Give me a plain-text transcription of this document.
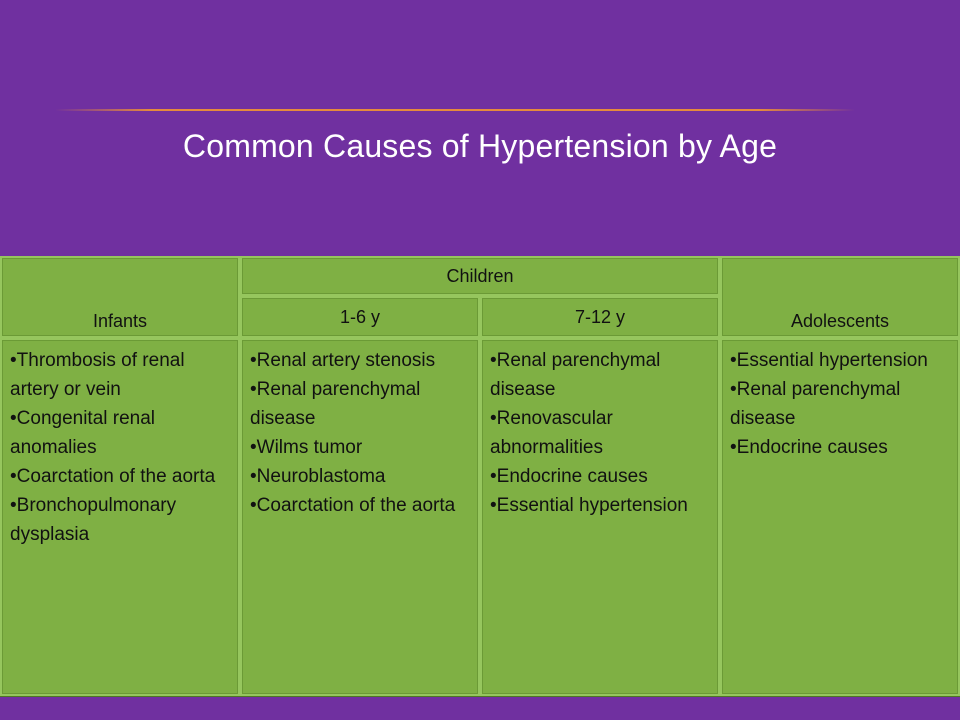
Common Causes of Hypertension by Age
Infants
Children
1-6 y	7-12 y	Adolescents
• Thrombosis of renal artery or vein
• Congenital renal anomalies
• Coarctation of the aorta
• Bronchopulmonary dysplasia
• Renal artery stenosis
• Renal parenchymal disease
• Wilms tumor
• Neuroblastoma
• Coarctation of the aorta
• Renal parenchymal disease
• Renovascular abnormalities
• Endocrine causes
• Essential hypertension
• Essential hypertension
• Renal parenchymal disease
• Endocrine causes
